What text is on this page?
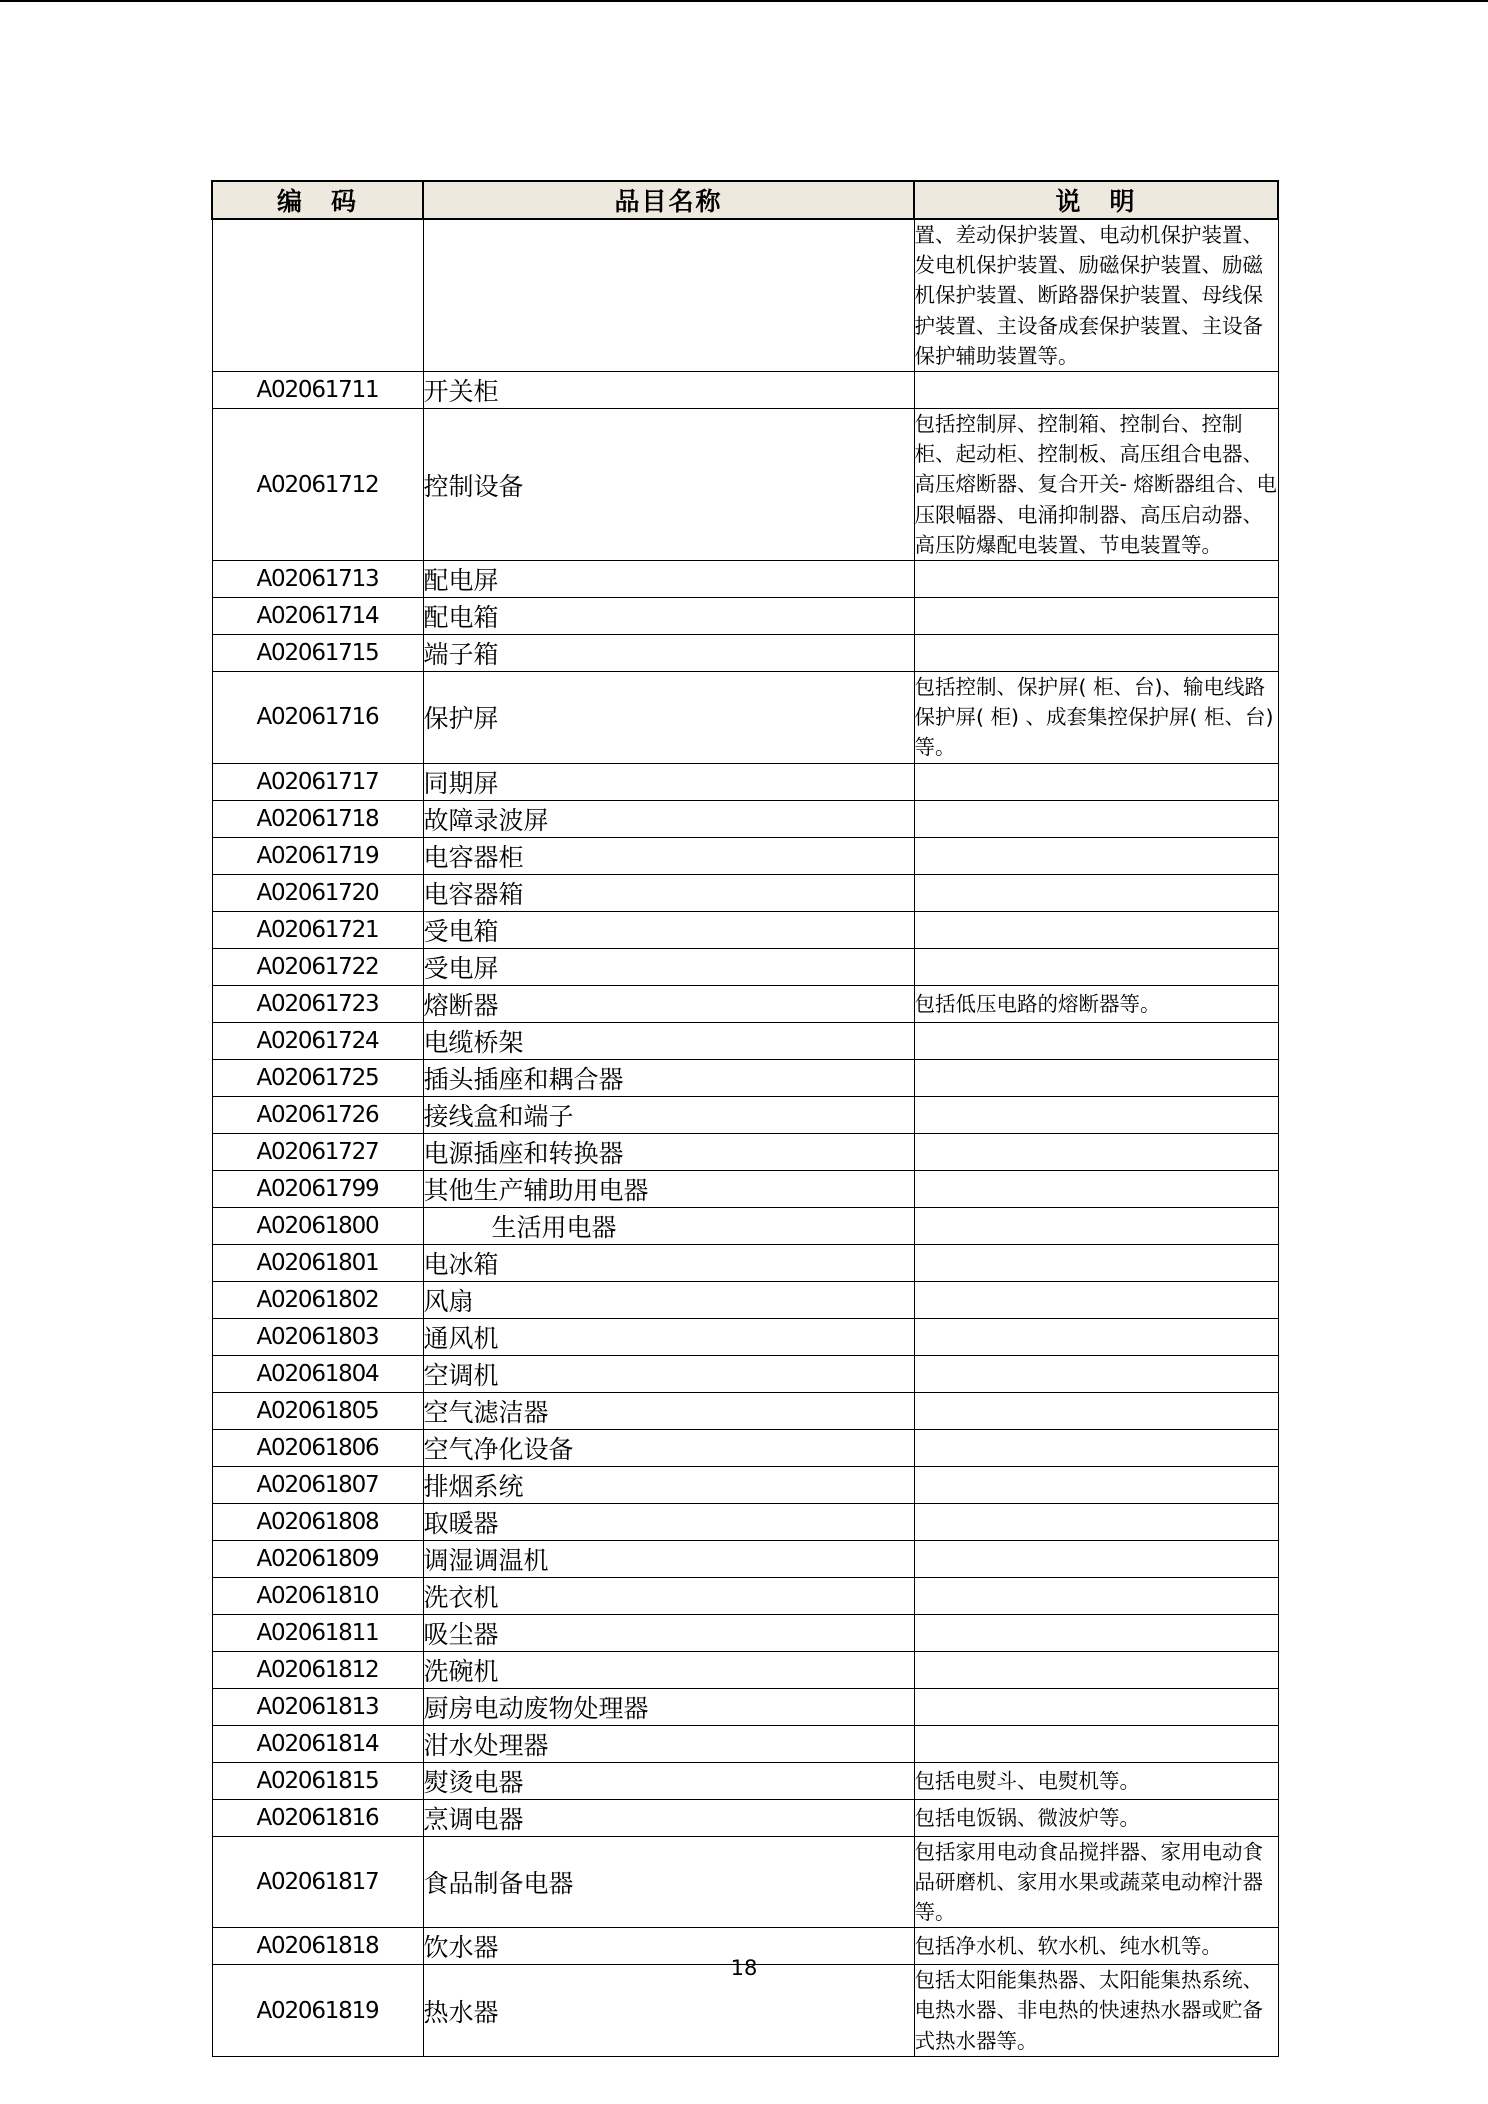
编　码	品目名称	说　明
		置、差动保护装置、电动机保护装置、发电机保护装置、励磁保护装置、励磁机保护装置、断路器保护装置、母线保护装置、主设备成套保护装置、主设备保护辅助装置等。
A02061711	开关柜	
A02061712	控制设备	包括控制屏、控制箱、控制台、控制柜、起动柜、控制板、高压组合电器、高压熔断器、复合开关- 熔断器组合、电压限幅器、电涌抑制器、高压启动器、高压防爆配电装置、节电装置等。
A02061713	配电屏	
A02061714	配电箱	
A02061715	端子箱	
A02061716	保护屏	包括控制、保护屏( 柜、台)、输电线路保护屏( 柜) 、成套集控保护屏( 柜、台) 等。
A02061717	同期屏	
A02061718	故障录波屏	
A02061719	电容器柜	
A02061720	电容器箱	
A02061721	受电箱	
A02061722	受电屏	
A02061723	熔断器	包括低压电路的熔断器等。
A02061724	电缆桥架	
A02061725	插头插座和耦合器	
A02061726	接线盒和端子	
A02061727	电源插座和转换器	
A02061799	其他生产辅助用电器	
A02061800	生活用电器	
A02061801	电冰箱	
A02061802	风扇	
A02061803	通风机	
A02061804	空调机	
A02061805	空气滤洁器	
A02061806	空气净化设备	
A02061807	排烟系统	
A02061808	取暖器	
A02061809	调湿调温机	
A02061810	洗衣机	
A02061811	吸尘器	
A02061812	洗碗机	
A02061813	厨房电动废物处理器	
A02061814	泔水处理器	
A02061815	熨烫电器	包括电熨斗、电熨机等。
A02061816	烹调电器	包括电饭锅、微波炉等。
A02061817	食品制备电器	包括家用电动食品搅拌器、家用电动食品研磨机、家用水果或蔬菜电动榨汁器等。
A02061818	饮水器	包括净水机、软水机、纯水机等。
A02061819	热水器	包括太阳能集热器、太阳能集热系统、电热水器、非电热的快速热水器或贮备式热水器等。
18
